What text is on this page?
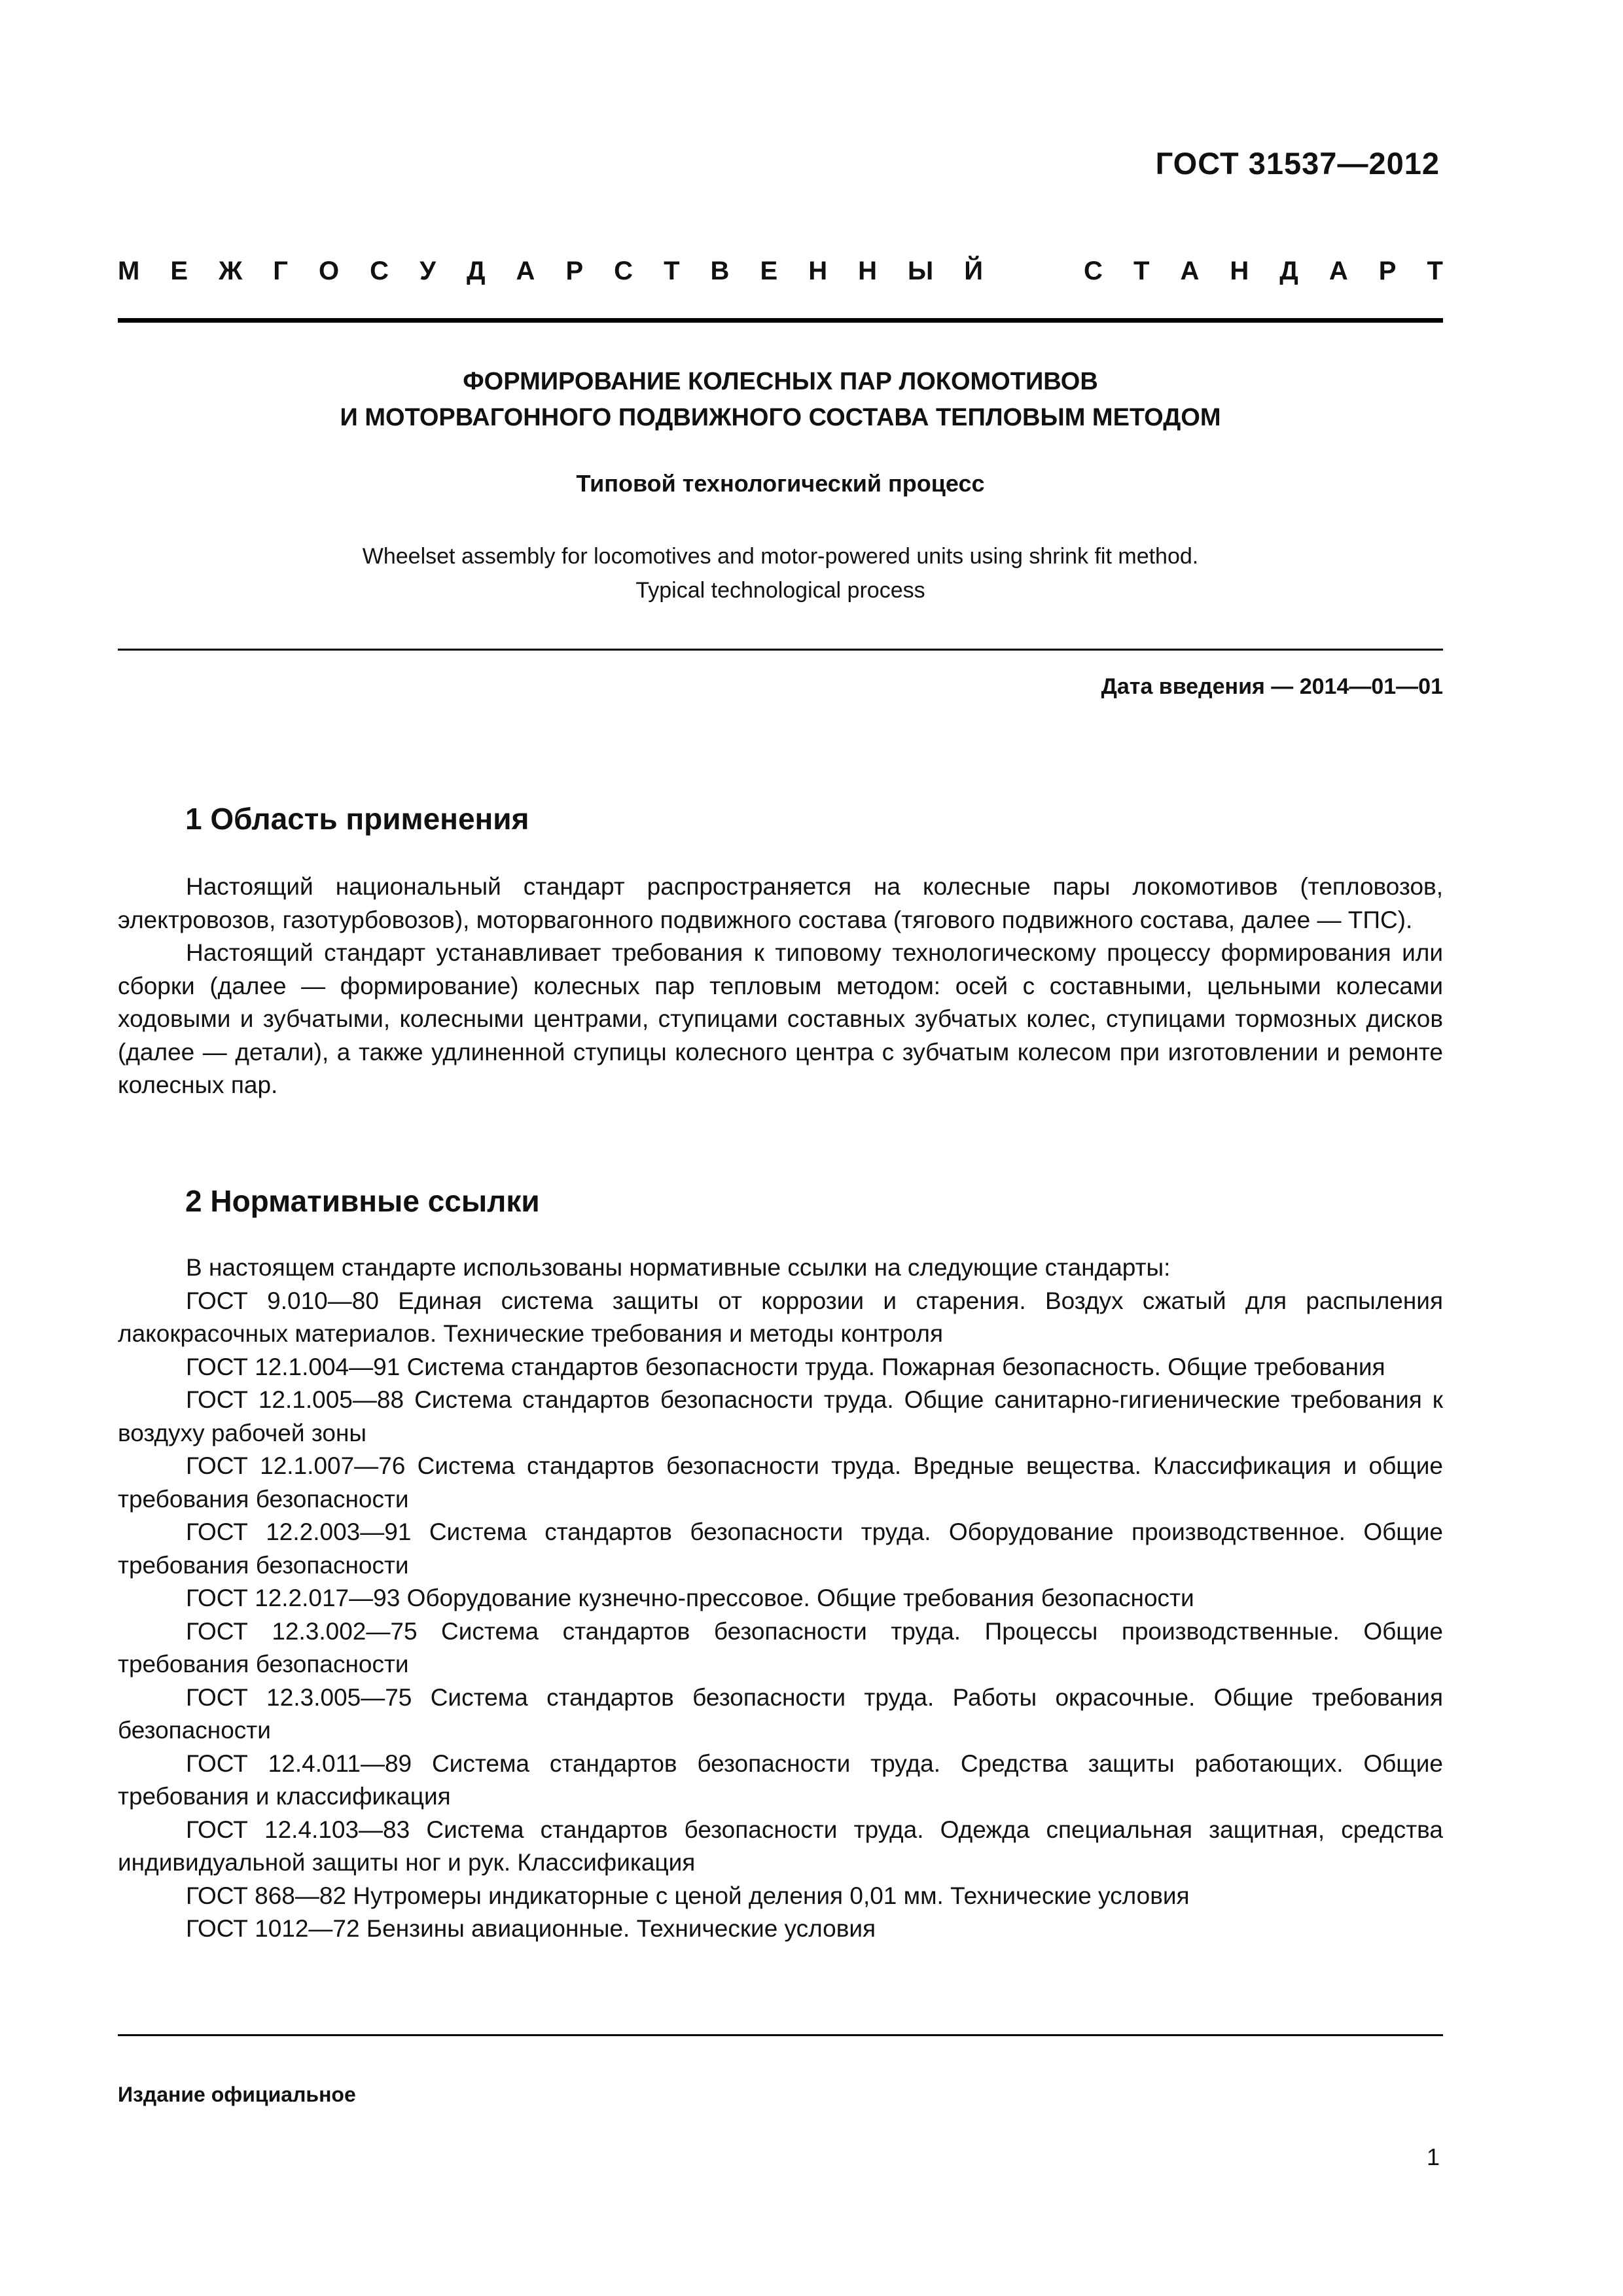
ГОСТ 31537—2012
М Е Ж Г О С У Д А Р С Т В Е Н Н Ы Й	С Т А Н Д А Р Т
ФОРМИРОВАНИЕ КОЛЕСНЫХ ПАР ЛОКОМОТИВОВ
И МОТОРВАГОННОГО ПОДВИЖНОГО СОСТАВА ТЕПЛОВЫМ МЕТОДОМ
Типовой технологический процесс
Wheelset assembly for locomotives and motor-powered units using shrink fit method.
Typical technological process
Дата введения — 2014—01—01
1 Область применения

Настоящий национальный стандарт распространяется на колесные пары локомотивов (тепловозов, электровозов, газотурбовозов), моторвагонного подвижного состава (тягового подвижного состава, далее — ТПС).

Настоящий стандарт устанавливает требования к типовому технологическому процессу формирования или сборки (далее — формирование) колесных пар тепловым методом: осей с составными, цельными колесами ходовыми и зубчатыми, колесными центрами, ступицами составных зубчатых колес, ступицами тормозных дисков (далее — детали), а также удлиненной ступицы колесного центра с зубчатым колесом при изготовлении и ремонте колесных пар.

2 Нормативные ссылки

В настоящем стандарте использованы нормативные ссылки на следующие стандарты:

ГОСТ 9.010—80 Единая система защиты от коррозии и старения. Воздух сжатый для распыления лакокрасочных материалов. Технические требования и методы контроля

ГОСТ 12.1.004—91 Система стандартов безопасности труда. Пожарная безопасность. Общие требования

ГОСТ 12.1.005—88 Система стандартов безопасности труда. Общие санитарно-гигиенические требования к воздуху рабочей зоны

ГОСТ 12.1.007—76 Система стандартов безопасности труда. Вредные вещества. Классификация и общие требования безопасности

ГОСТ 12.2.003—91 Система стандартов безопасности труда. Оборудование производственное. Общие требования безопасности

ГОСТ 12.2.017—93 Оборудование кузнечно-прессовое. Общие требования безопасности

ГОСТ 12.3.002—75 Система стандартов безопасности труда. Процессы производственные. Общие требования безопасности

ГОСТ 12.3.005—75 Система стандартов безопасности труда. Работы окрасочные. Общие требования безопасности

ГОСТ 12.4.011—89 Система стандартов безопасности труда. Средства защиты работающих. Общие требования и классификация

ГОСТ 12.4.103—83 Система стандартов безопасности труда. Одежда специальная защитная, средства индивидуальной защиты ног и рук. Классификация

ГОСТ 868—82 Нутромеры индикаторные с ценой деления 0,01 мм. Технические условия

ГОСТ 1012—72 Бензины авиационные. Технические условия

Издание официальное
1
